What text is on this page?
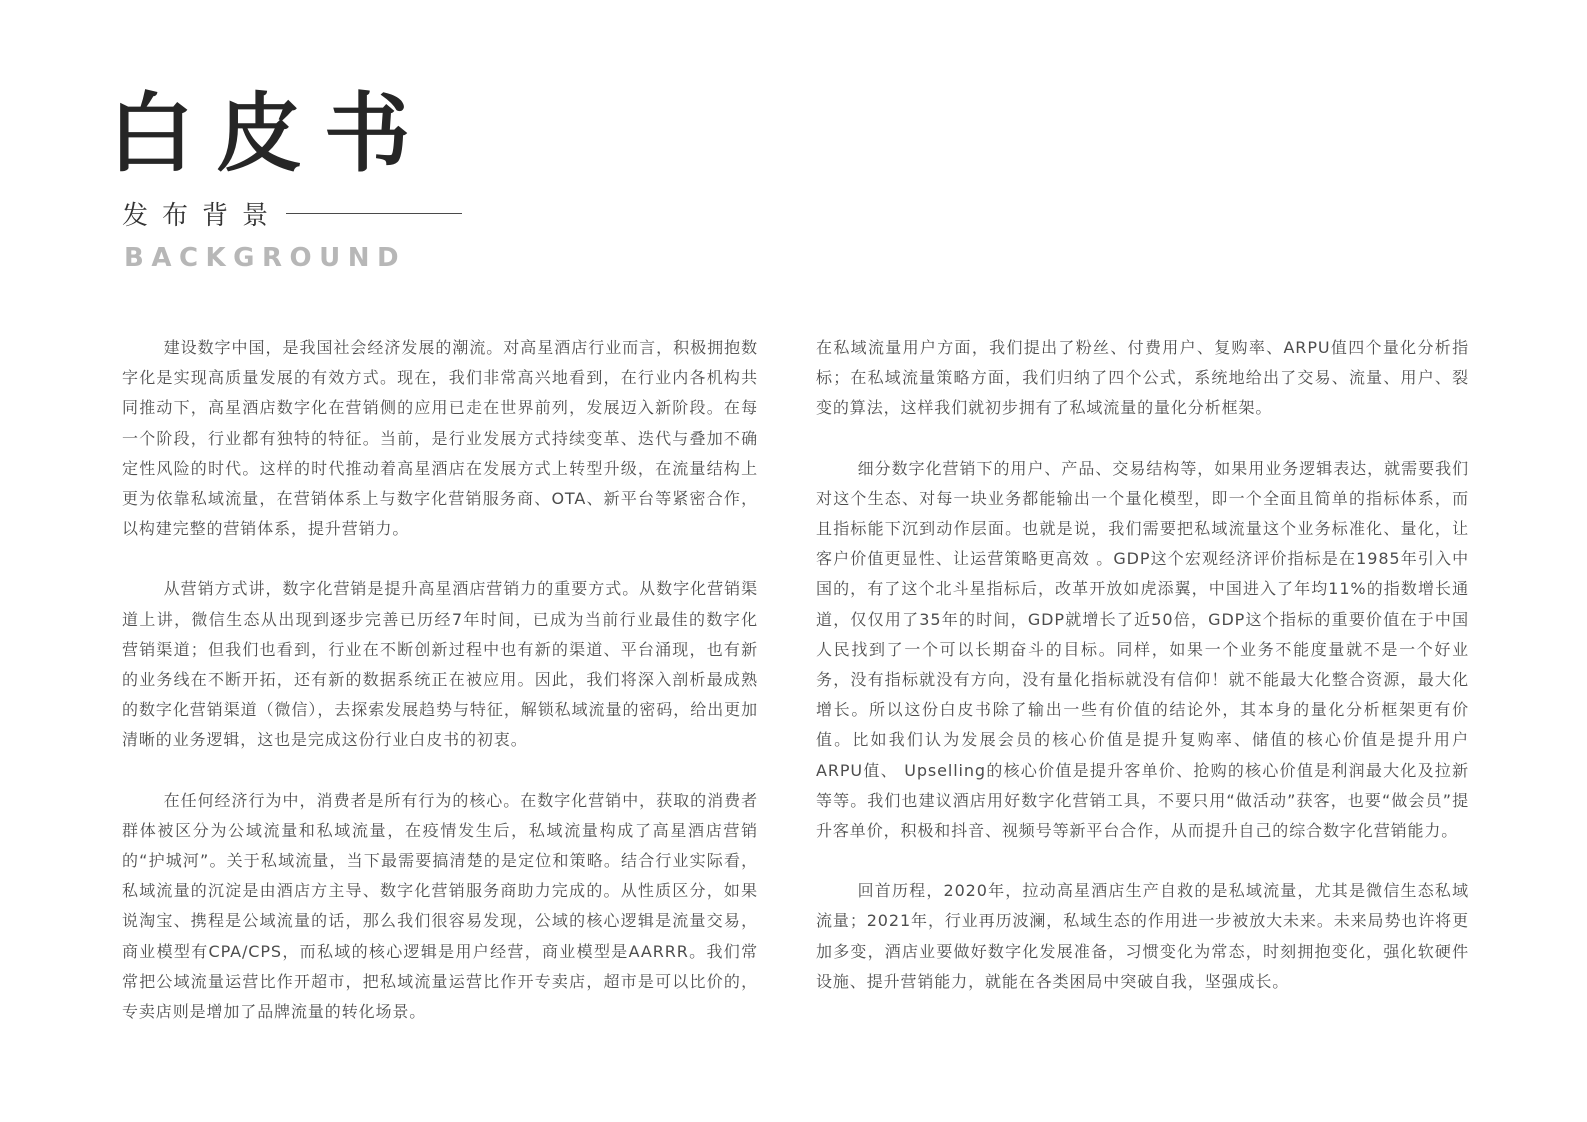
白皮书
发布背景
BACKGROUND

建设数字中国，是我国社会经济发展的潮流。对高星酒店行业而言，积极拥抱数字化是实现高质量发展的有效方式。现在，我们非常高兴地看到，在行业内各机构共同推动下，高星酒店数字化在营销侧的应用已走在世界前列，发展迈入新阶段。在每一个阶段，行业都有独特的特征。当前，是行业发展方式持续变革、迭代与叠加不确定性风险的时代。这样的时代推动着高星酒店在发展方式上转型升级，在流量结构上更为依靠私域流量，在营销体系上与数字化营销服务商、OTA、新平台等紧密合作，以构建完整的营销体系，提升营销力。

从营销方式讲，数字化营销是提升高星酒店营销力的重要方式。从数字化营销渠道上讲，微信生态从出现到逐步完善已历经7年时间，已成为当前行业最佳的数字化营销渠道；但我们也看到，行业在不断创新过程中也有新的渠道、平台涌现，也有新的业务线在不断开拓，还有新的数据系统正在被应用。因此，我们将深入剖析最成熟的数字化营销渠道（微信），去探索发展趋势与特征，解锁私域流量的密码，给出更加清晰的业务逻辑，这也是完成这份行业白皮书的初衷。

在任何经济行为中，消费者是所有行为的核心。在数字化营销中，获取的消费者群体被区分为公域流量和私域流量，在疫情发生后，私域流量构成了高星酒店营销的“护城河”。关于私域流量，当下最需要搞清楚的是定位和策略。结合行业实际看，私域流量的沉淀是由酒店方主导、数字化营销服务商助力完成的。从性质区分，如果说淘宝、携程是公域流量的话，那么我们很容易发现，公域的核心逻辑是流量交易，商业模型有CPA/CPS，而私域的核心逻辑是用户经营，商业模型是AARRR。我们常常把公域流量运营比作开超市，把私域流量运营比作开专卖店，超市是可以比价的，专卖店则是增加了品牌流量的转化场景。

在私域流量用户方面，我们提出了粉丝、付费用户、复购率、ARPU值四个量化分析指标；在私域流量策略方面，我们归纳了四个公式，系统地给出了交易、流量、用户、裂变的算法，这样我们就初步拥有了私域流量的量化分析框架。

细分数字化营销下的用户、产品、交易结构等，如果用业务逻辑表达，就需要我们对这个生态、对每一块业务都能输出一个量化模型，即一个全面且简单的指标体系，而且指标能下沉到动作层面。也就是说，我们需要把私域流量这个业务标准化、量化，让客户价值更显性、让运营策略更高效 。GDP这个宏观经济评价指标是在1985年引入中国的，有了这个北斗星指标后，改革开放如虎添翼，中国进入了年均11%的指数增长通道，仅仅用了35年的时间，GDP就增长了近50倍，GDP这个指标的重要价值在于中国人民找到了一个可以长期奋斗的目标。同样，如果一个业务不能度量就不是一个好业务，没有指标就没有方向，没有量化指标就没有信仰！就不能最大化整合资源，最大化增长。所以这份白皮书除了输出一些有价值的结论外，其本身的量化分析框架更有价值。比如我们认为发展会员的核心价值是提升复购率、储值的核心价值是提升用户ARPU值、 Upselling的核心价值是提升客单价、抢购的核心价值是利润最大化及拉新等等。我们也建议酒店用好数字化营销工具，不要只用“做活动”获客，也要“做会员”提升客单价，积极和抖音、视频号等新平台合作，从而提升自己的综合数字化营销能力。

回首历程，2020年，拉动高星酒店生产自救的是私域流量，尤其是微信生态私域流量；2021年，行业再历波澜，私域生态的作用进一步被放大未来。未来局势也许将更加多变，酒店业要做好数字化发展准备，习惯变化为常态，时刻拥抱变化，强化软硬件设施、提升营销能力，就能在各类困局中突破自我，坚强成长。
